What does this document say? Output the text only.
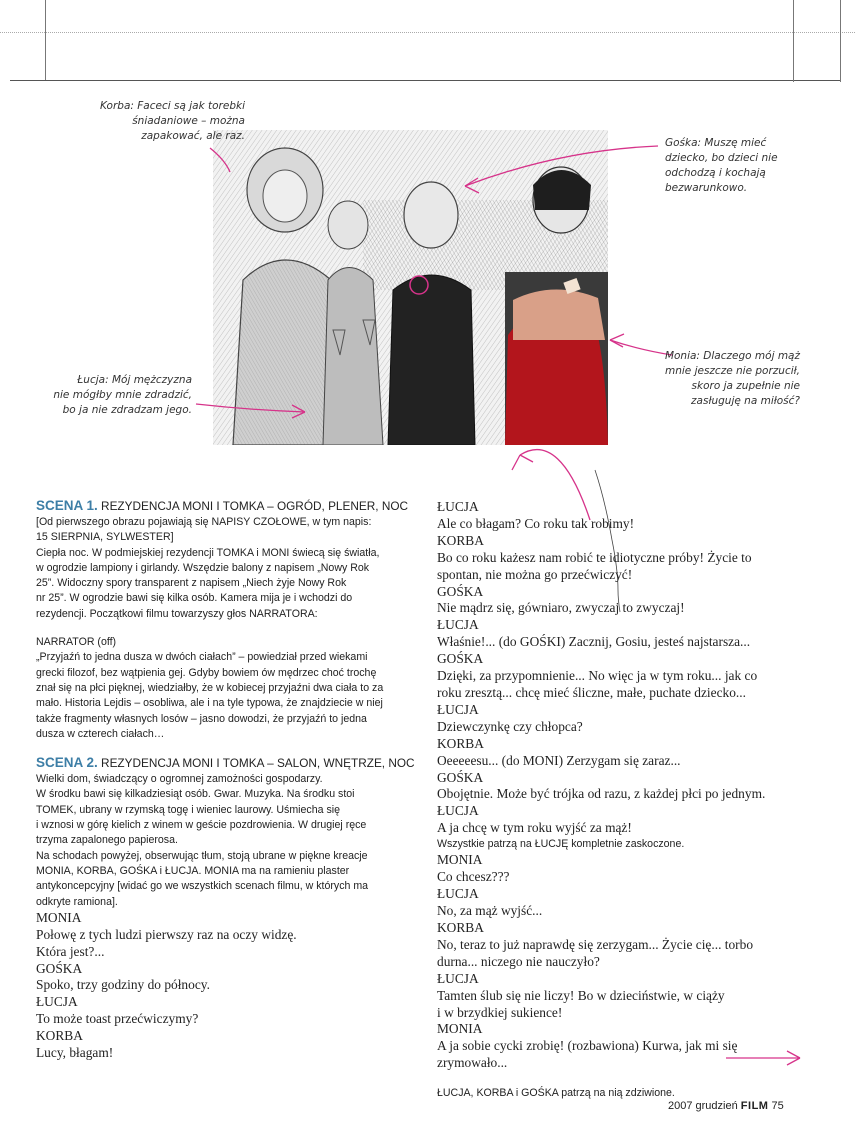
Korba: Faceci są jak torebki
śniadaniowe – można
zapakować, ale raz.
Gośka: Muszę mieć
dziecko, bo dzieci nie
odchodzą i kochają
bezwarunkowo.
Łucja: Mój mężczyzna
nie mógłby mnie zdradzić,
bo ja nie zdradzam jego.
Monia: Dlaczego mój mąż
mnie jeszcze nie porzucił,
skoro ja zupełnie nie
zasługuję na miłość?
SCENA 1. REZYDENCJA MONI I TOMKA – OGRÓD, PLENER, NOC
[Od pierwszego obrazu pojawiają się NAPISY CZOŁOWE, w tym napis:
15 SIERPNIA, SYLWESTER]
Ciepła noc. W podmiejskiej rezydencji TOMKA i MONI świecą się światła,
w ogrodzie lampiony i girlandy. Wszędzie balony z napisem „Nowy Rok
25”. Widoczny spory transparent z napisem „Niech żyje Nowy Rok
nr 25”. W ogrodzie bawi się kilka osób. Kamera mija je i wchodzi do
rezydencji. Początkowi filmu towarzyszy głos NARRATORA:
NARRATOR (off)
„Przyjaźń to jedna dusza w dwóch ciałach” – powiedział przed wiekami
grecki filozof, bez wątpienia gej. Gdyby bowiem ów mędrzec choć trochę
znał się na płci pięknej, wiedziałby, że w kobiecej przyjaźni dwa ciała to za
mało. Historia Lejdis – osobliwa, ale i na tyle typowa, że znajdziecie w niej
także fragmenty własnych losów – jasno dowodzi, że przyjaźń to jedna
dusza w czterech ciałach…
SCENA 2. REZYDENCJA MONI I TOMKA – SALON, WNĘTRZE, NOC
Wielki dom, świadczący o ogromnej zamożności gospodarzy.
W środku bawi się kilkadziesiąt osób. Gwar. Muzyka. Na środku stoi
TOMEK, ubrany w rzymską togę i wieniec laurowy. Uśmiecha się
i wznosi w górę kielich z winem w geście pozdrowienia. W drugiej ręce
trzyma zapalonego papierosa.
Na schodach powyżej, obserwując tłum, stoją ubrane w piękne kreacje
MONIA, KORBA, GOŚKA i ŁUCJA. MONIA ma na ramieniu plaster
antykoncepcyjny [widać go we wszystkich scenach filmu, w których ma
odkryte ramiona].
MONIA
Połowę z tych ludzi pierwszy raz na oczy widzę.
Która jest?...
GOŚKA
Spoko, trzy godziny do północy.
ŁUCJA
To może toast przećwiczymy?
KORBA
Lucy, błagam!
ŁUCJA
Ale co błagam? Co roku tak robimy!
KORBA
Bo co roku każesz nam robić te idiotyczne próby! Życie to
spontan, nie można go przećwiczyć!
GOŚKA
Nie mądrz się, gówniaro, zwyczaj to zwyczaj!
ŁUCJA
Właśnie!... (do GOŚKI) Zacznij, Gosiu, jesteś najstarsza...
GOŚKA
Dzięki, za przypomnienie... No więc ja w tym roku... jak co
roku zresztą... chcę mieć śliczne, małe, puchate dziecko...
ŁUCJA
Dziewczynkę czy chłopca?
KORBA
Oeeeeesu... (do MONI) Zerzygam się zaraz...
GOŚKA
Obojętnie. Może być trójka od razu, z każdej płci po jednym.
ŁUCJA
A ja chcę w tym roku wyjść za mąż!
Wszystkie patrzą na ŁUCJĘ kompletnie zaskoczone.
MONIA
Co chcesz???
ŁUCJA
No, za mąż wyjść...
KORBA
No, teraz to już naprawdę się zerzygam... Życie cię... torbo
durna... niczego nie nauczyło?
ŁUCJA
Tamten ślub się nie liczy! Bo w dzieciństwie, w ciąży
i w brzydkiej sukience!
MONIA
A ja sobie cycki zrobię! (rozbawiona) Kurwa, jak mi się
zrymowało...
ŁUCJA, KORBA i GOŚKA patrzą na nią zdziwione.
2007 grudzień FILM 75
